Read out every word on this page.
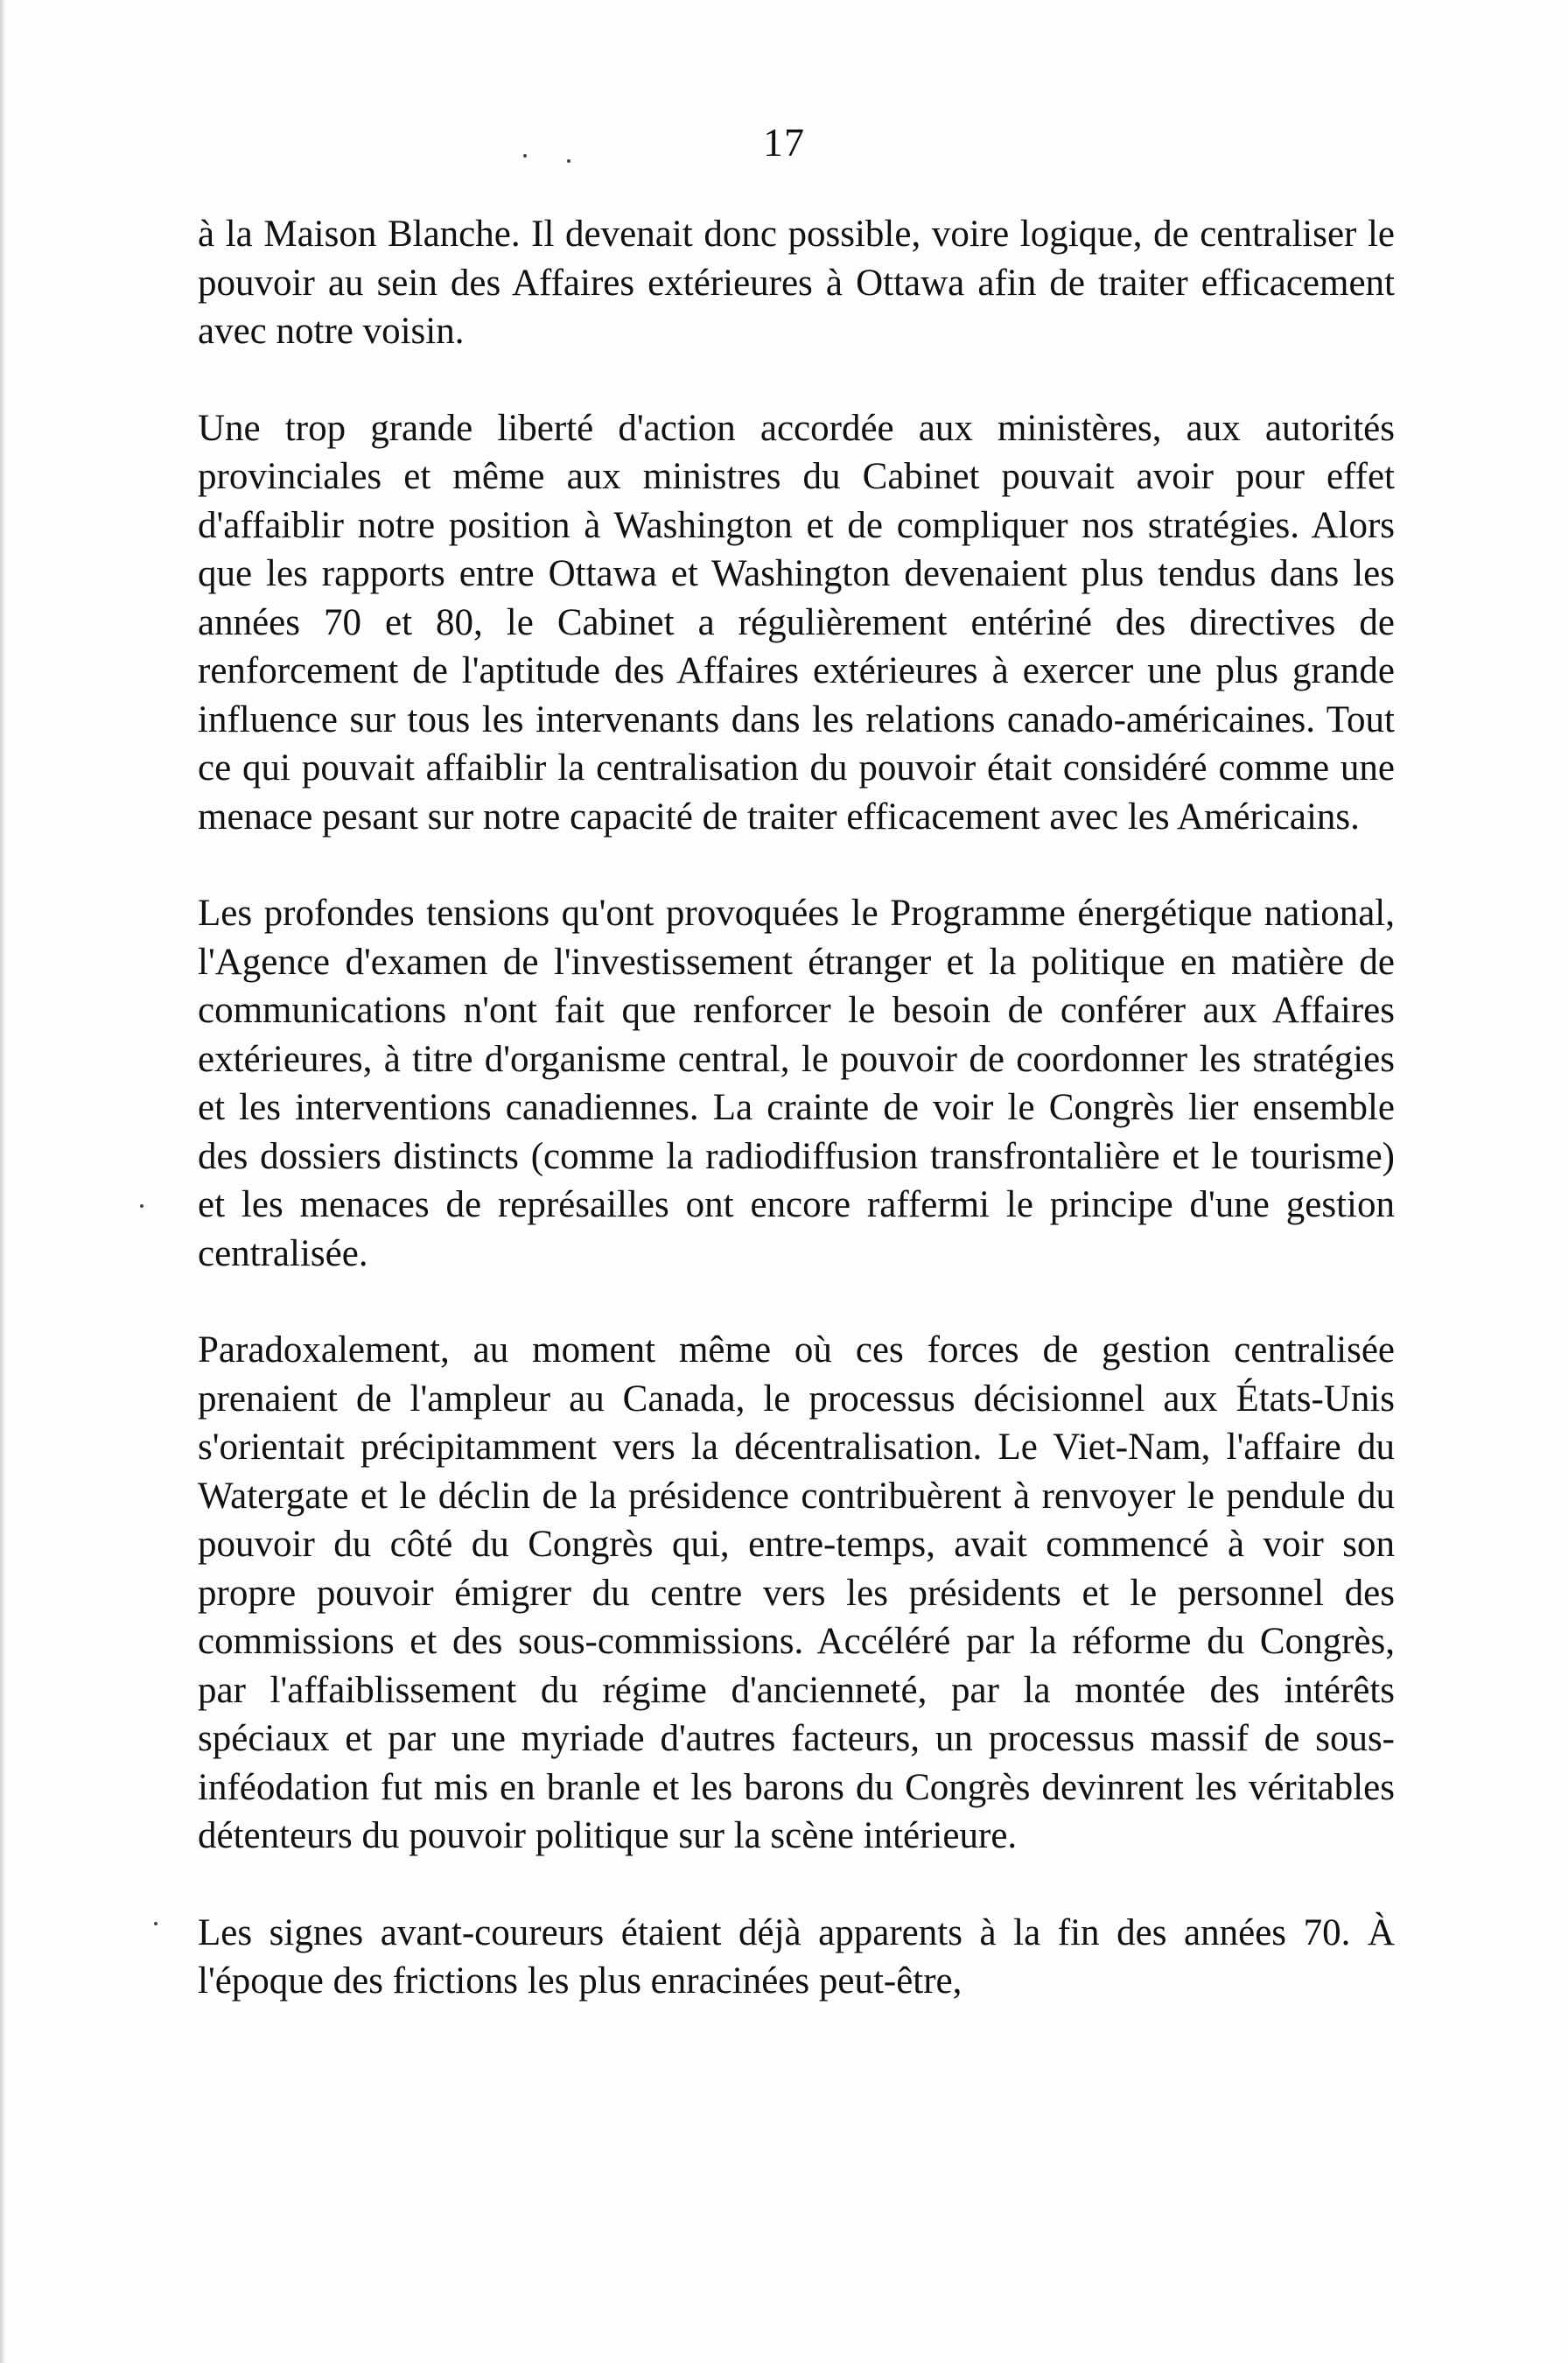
17

à la Maison Blanche. Il devenait donc possible, voire logique, de centraliser le pouvoir au sein des Affaires extérieures à Ottawa afin de traiter efficacement avec notre voisin.

Une trop grande liberté d'action accordée aux ministères, aux autorités provinciales et même aux ministres du Cabinet pouvait avoir pour effet d'affaiblir notre position à Washington et de compliquer nos stratégies. Alors que les rapports entre Ottawa et Washington devenaient plus tendus dans les années 70 et 80, le Cabinet a régulièrement entériné des directives de renforcement de l'aptitude des Affaires extérieures à exercer une plus grande influence sur tous les intervenants dans les relations canado-américaines. Tout ce qui pouvait affaiblir la centralisation du pouvoir était considéré comme une menace pesant sur notre capacité de traiter efficacement avec les Américains.

Les profondes tensions qu'ont provoquées le Programme énergétique national, l'Agence d'examen de l'investissement étranger et la politique en matière de communications n'ont fait que renforcer le besoin de conférer aux Affaires extérieures, à titre d'organisme central, le pouvoir de coordonner les stratégies et les interventions canadiennes. La crainte de voir le Congrès lier ensemble des dossiers distincts (comme la radiodiffusion transfrontalière et le tourisme) et les menaces de représailles ont encore raffermi le principe d'une gestion centralisée.

Paradoxalement, au moment même où ces forces de gestion centralisée prenaient de l'ampleur au Canada, le processus décisionnel aux États-Unis s'orientait précipitamment vers la décentralisation. Le Viet-Nam, l'affaire du Watergate et le déclin de la présidence contribuèrent à renvoyer le pendule du pouvoir du côté du Congrès qui, entre-temps, avait commencé à voir son propre pouvoir émigrer du centre vers les présidents et le personnel des commissions et des sous-commissions. Accéléré par la réforme du Congrès, par l'affaiblissement du régime d'ancienneté, par la montée des intérêts spéciaux et par une myriade d'autres facteurs, un processus massif de sous-inféodation fut mis en branle et les barons du Congrès devinrent les véritables détenteurs du pouvoir politique sur la scène intérieure.

Les signes avant-coureurs étaient déjà apparents à la fin des années 70. À l'époque des frictions les plus enracinées peut-être,
